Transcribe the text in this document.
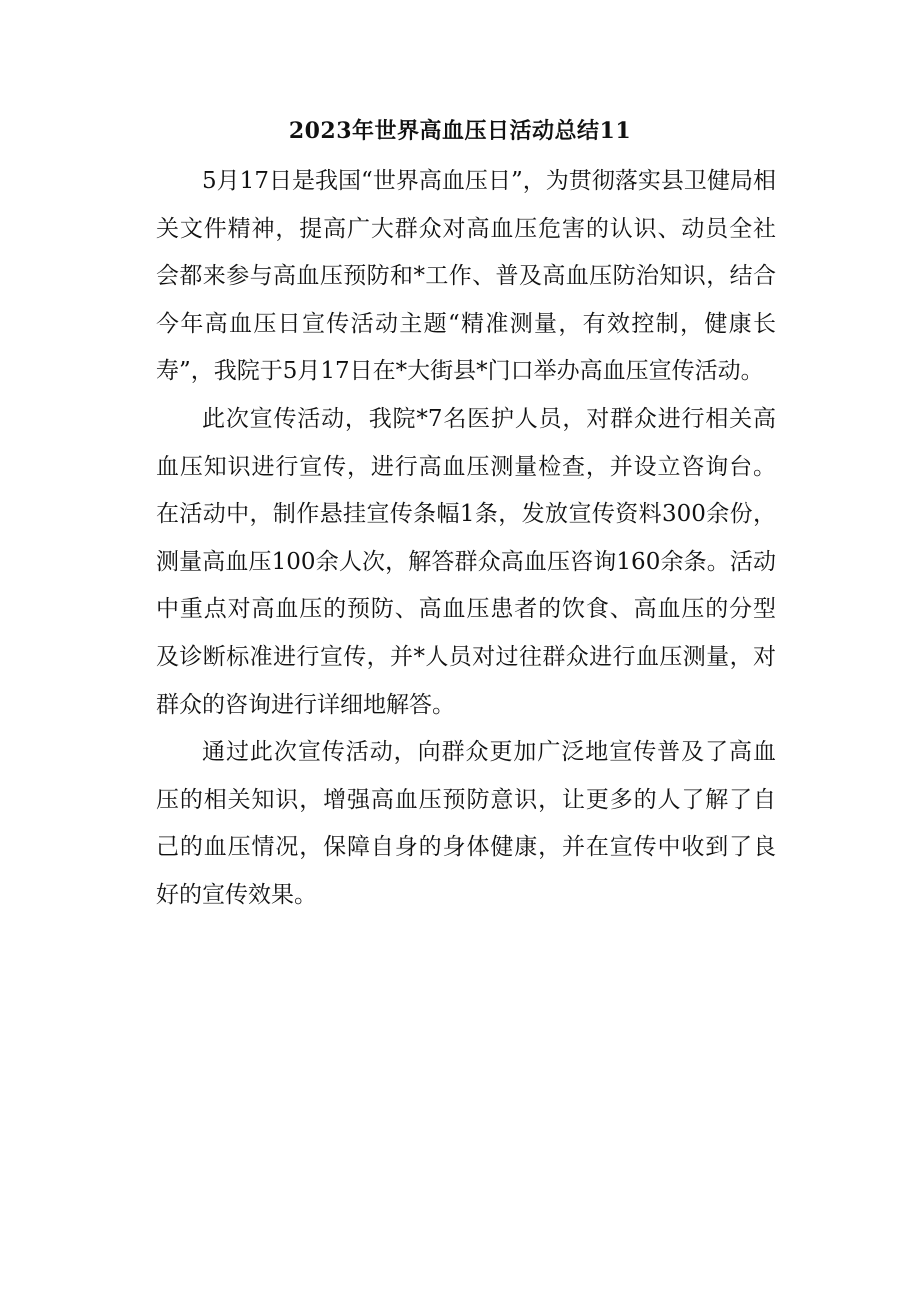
2023年世界高血压日活动总结11

5月17日是我国“世界高血压日”，为贯彻落实县卫健局相关文件精神，提高广大群众对高血压危害的认识、动员全社会都来参与高血压预防和*工作、普及高血压防治知识，结合今年高血压日宣传活动主题“精准测量，有效控制，健康长寿”，我院于5月17日在*大街县*门口举办高血压宣传活动。

此次宣传活动，我院*7名医护人员，对群众进行相关高血压知识进行宣传，进行高血压测量检查，并设立咨询台。在活动中，制作悬挂宣传条幅1条，发放宣传资料300余份，测量高血压100余人次，解答群众高血压咨询160余条。活动中重点对高血压的预防、高血压患者的饮食、高血压的分型及诊断标准进行宣传，并*人员对过往群众进行血压测量，对群众的咨询进行详细地解答。

通过此次宣传活动，向群众更加广泛地宣传普及了高血压的相关知识，增强高血压预防意识，让更多的人了解了自己的血压情况，保障自身的身体健康，并在宣传中收到了良好的宣传效果。
